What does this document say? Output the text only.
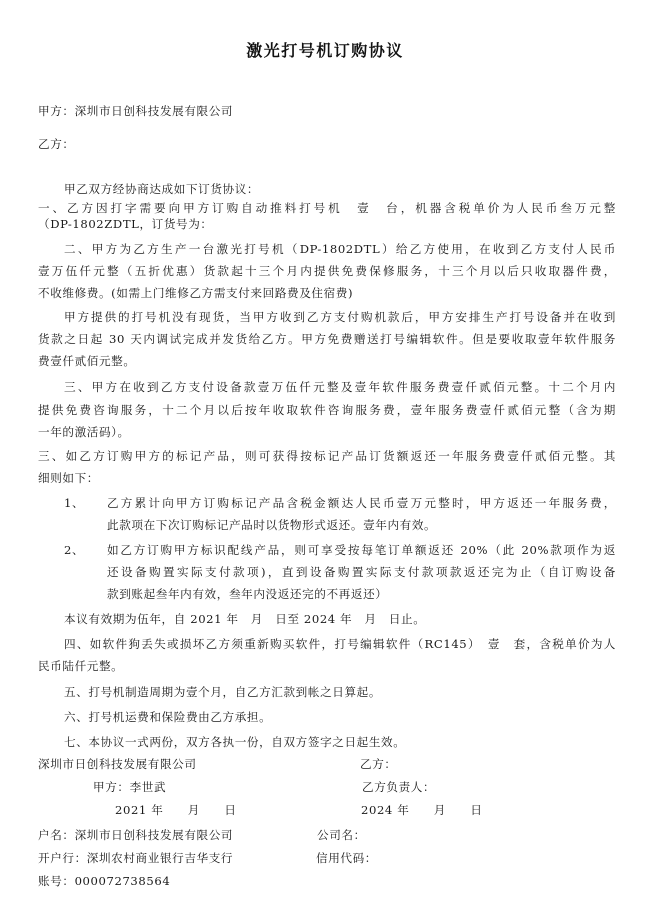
激光打号机订购协议
甲方：深圳市日创科技发展有限公司
乙方：
甲乙双方经协商达成如下订货协议：
一、乙方因打字需要向甲方订购自动推料打号机　壹　台，机器含税单价为人民币叁万元整
（DP-1802ZDTL，订货号为：
二、甲方为乙方生产一台激光打号机（DP-1802DTL）给乙方使用，在收到乙方支付人民币
壹万伍仟元整（五折优惠）货款起十三个月内提供免费保修服务，十三个月以后只收取器件费，
不收维修费。(如需上门维修乙方需支付来回路费及住宿费)
甲方提供的打号机没有现货，当甲方收到乙方支付购机款后，甲方安排生产打号设备并在收到
货款之日起 30 天内调试完成并发货给乙方。甲方免费赠送打号编辑软件。但是要收取壹年软件服务
费壹仟贰佰元整。
三、甲方在收到乙方支付设备款壹万伍仟元整及壹年软件服务费壹仟贰佰元整。十二个月内
提供免费咨询服务，十二个月以后按年收取软件咨询服务费，壹年服务费壹仟贰佰元整（含为期
一年的激活码）。
三、如乙方订购甲方的标记产品，则可获得按标记产品订货额返还一年服务费壹仟贰佰元整。其
细则如下：
1、 乙方累计向甲方订购标记产品含税金额达人民币壹万元整时，甲方返还一年服务费，
此款项在下次订购标记产品时以货物形式返还。壹年内有效。
2、 如乙方订购甲方标识配线产品，则可享受按每笔订单额返还 20%（此 20%款项作为返
还设备购置实际支付款项)，直到设备购置实际支付款项款返还完为止（自订购设备
款到账起叁年内有效，叁年内没返还完的不再返还）
本议有效期为伍年，自 2021 年　月　日至 2024 年　月　日止。
四、如软件狗丢失或损坏乙方须重新购买软件，打号编辑软件（RC145）　壹　套，含税单价为人
民币陆仟元整。
五、打号机制造周期为壹个月，自乙方汇款到帐之日算起。
六、打号机运费和保险费由乙方承担。
七、本协议一式两份，双方各执一份，自双方签字之日起生效。
深圳市日创科技发展有限公司	乙方：
甲方：李世武	乙方负责人：
2021 年　　月　　日	2024 年　　月　　日
户名：深圳市日创科技发展有限公司	公司名：
开户行：深圳农村商业银行吉华支行	信用代码：
账号：000072738564
